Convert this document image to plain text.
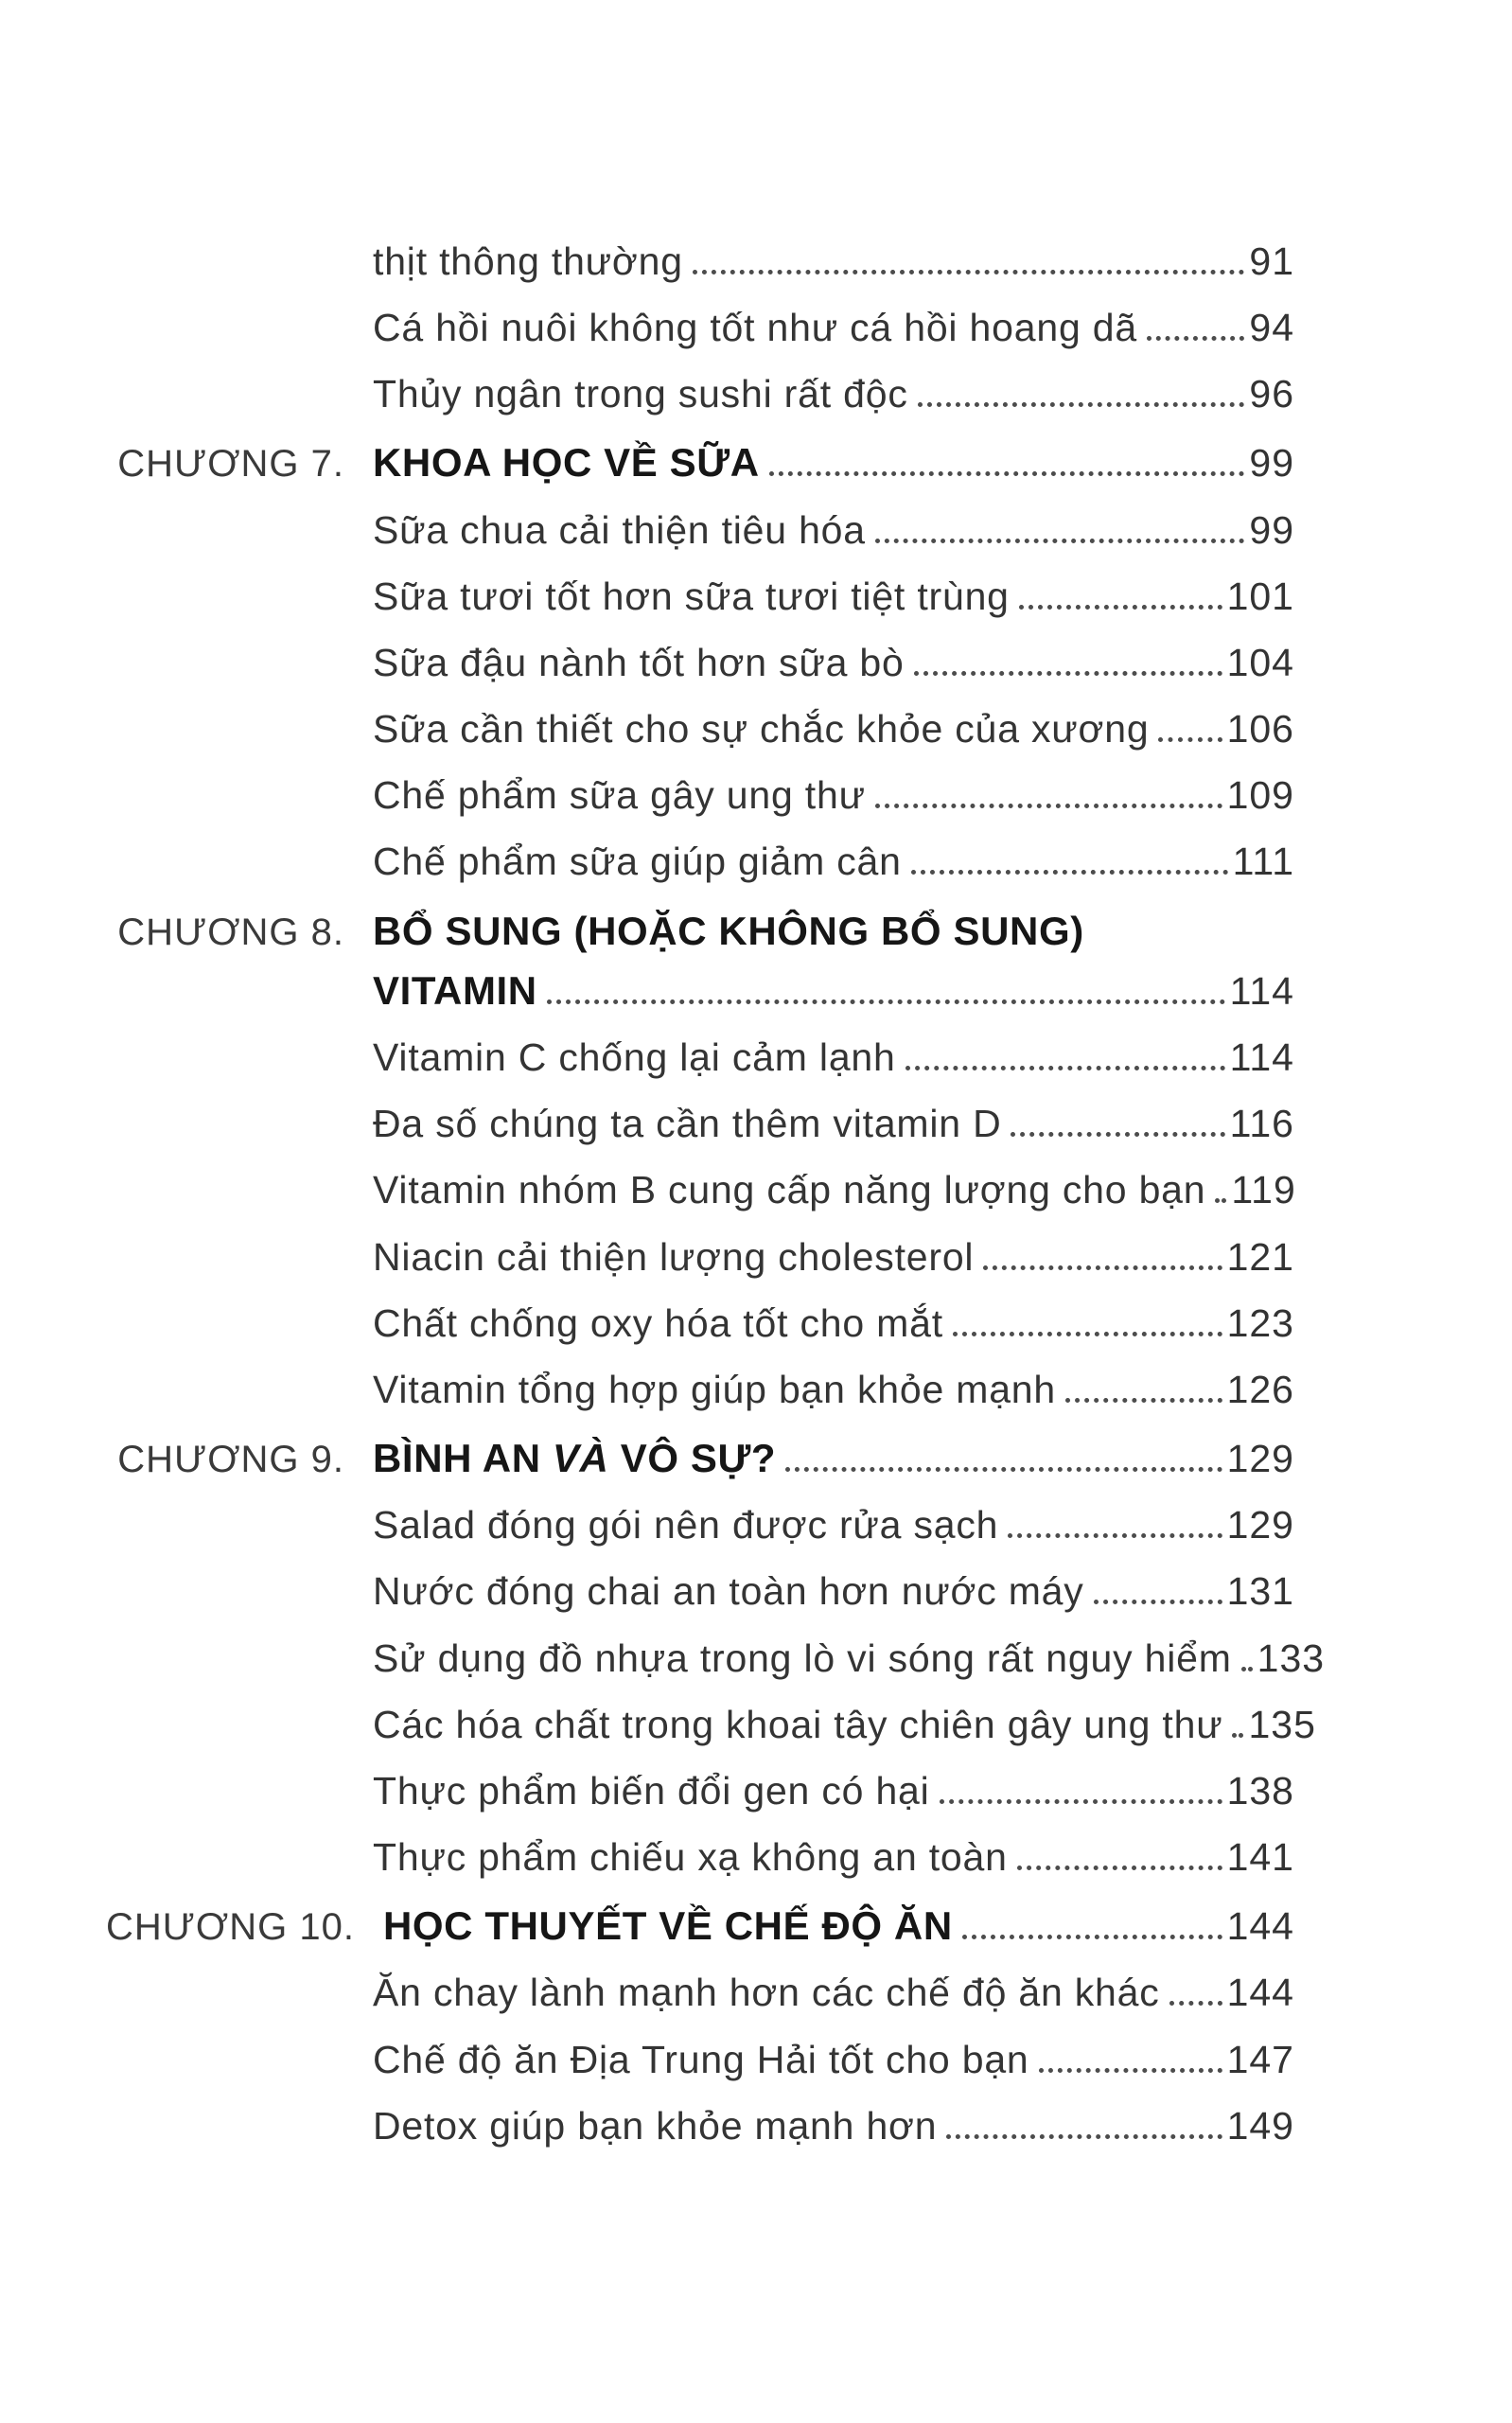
thịt thông thường	91
Cá hồi nuôi không tốt như cá hồi hoang dã	94
Thủy ngân trong sushi rất độc	96
CHƯƠNG 7. KHOA HỌC VỀ SỮA	99
Sữa chua cải thiện tiêu hóa	99
Sữa tươi tốt hơn sữa tươi tiệt trùng	101
Sữa đậu nành tốt hơn sữa bò	104
Sữa cần thiết cho sự chắc khỏe của xương 106
Chế phẩm sữa gây ung thư	109
Chế phẩm sữa giúp giảm cân	111
CHƯƠNG 8. BỔ SUNG (HOẶC KHÔNG BỔ SUNG)
VITAMIN	114
Vitamin C chống lại cảm lạnh	114
Đa số chúng ta cần thêm vitamin D	116
Vitamin nhóm B cung cấp năng lượng cho bạn 119
Niacin cải thiện lượng cholesterol	121
Chất chống oxy hóa tốt cho mắt	123
Vitamin tổng hợp giúp bạn khỏe mạnh	126
CHƯƠNG 9. BÌNH AN VÀ VÔ SỰ?	129
Salad đóng gói nên được rửa sạch	129
Nước đóng chai an toàn hơn nước máy	131
Sử dụng đồ nhựa trong lò vi sóng rất nguy hiểm 133
Các hóa chất trong khoai tây chiên gây ung thư 135
Thực phẩm biến đổi gen có hại	138
Thực phẩm chiếu xạ không an toàn	141
CHƯƠNG 10. HỌC THUYẾT VỀ CHẾ ĐỘ ĂN	144
Ăn chay lành mạnh hơn các chế độ ăn khác 144
Chế độ ăn Địa Trung Hải tốt cho bạn	147
Detox giúp bạn khỏe mạnh hơn	149
